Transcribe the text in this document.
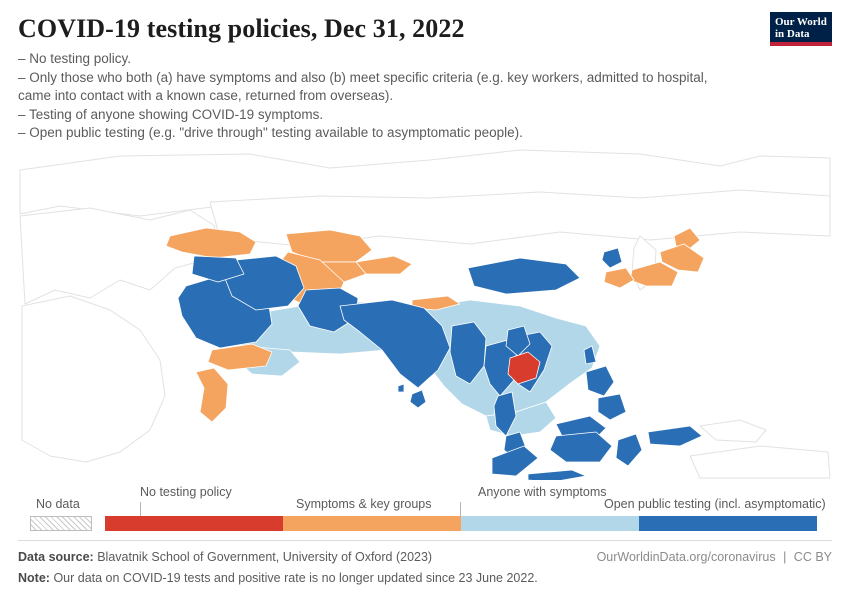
COVID-19 testing policies, Dec 31, 2022
– No testing policy.
– Only those who both (a) have symptoms and also (b) meet specific criteria (e.g. key workers, admitted to hospital, came into contact with a known case, returned from overseas).
– Testing of anyone showing COVID-19 symptoms.
– Open public testing (e.g. "drive through" testing available to asymptomatic people).
Our World
in Data
No data
No testing policy
Symptoms & key groups
Anyone with symptoms
Open public testing (incl. asymptomatic)
Data source: Blavatnik School of Government, University of Oxford (2023)
Note: Our data on COVID-19 tests and positive rate is no longer updated since 23 June 2022.
OurWorldinData.org/coronavirus | CC BY
